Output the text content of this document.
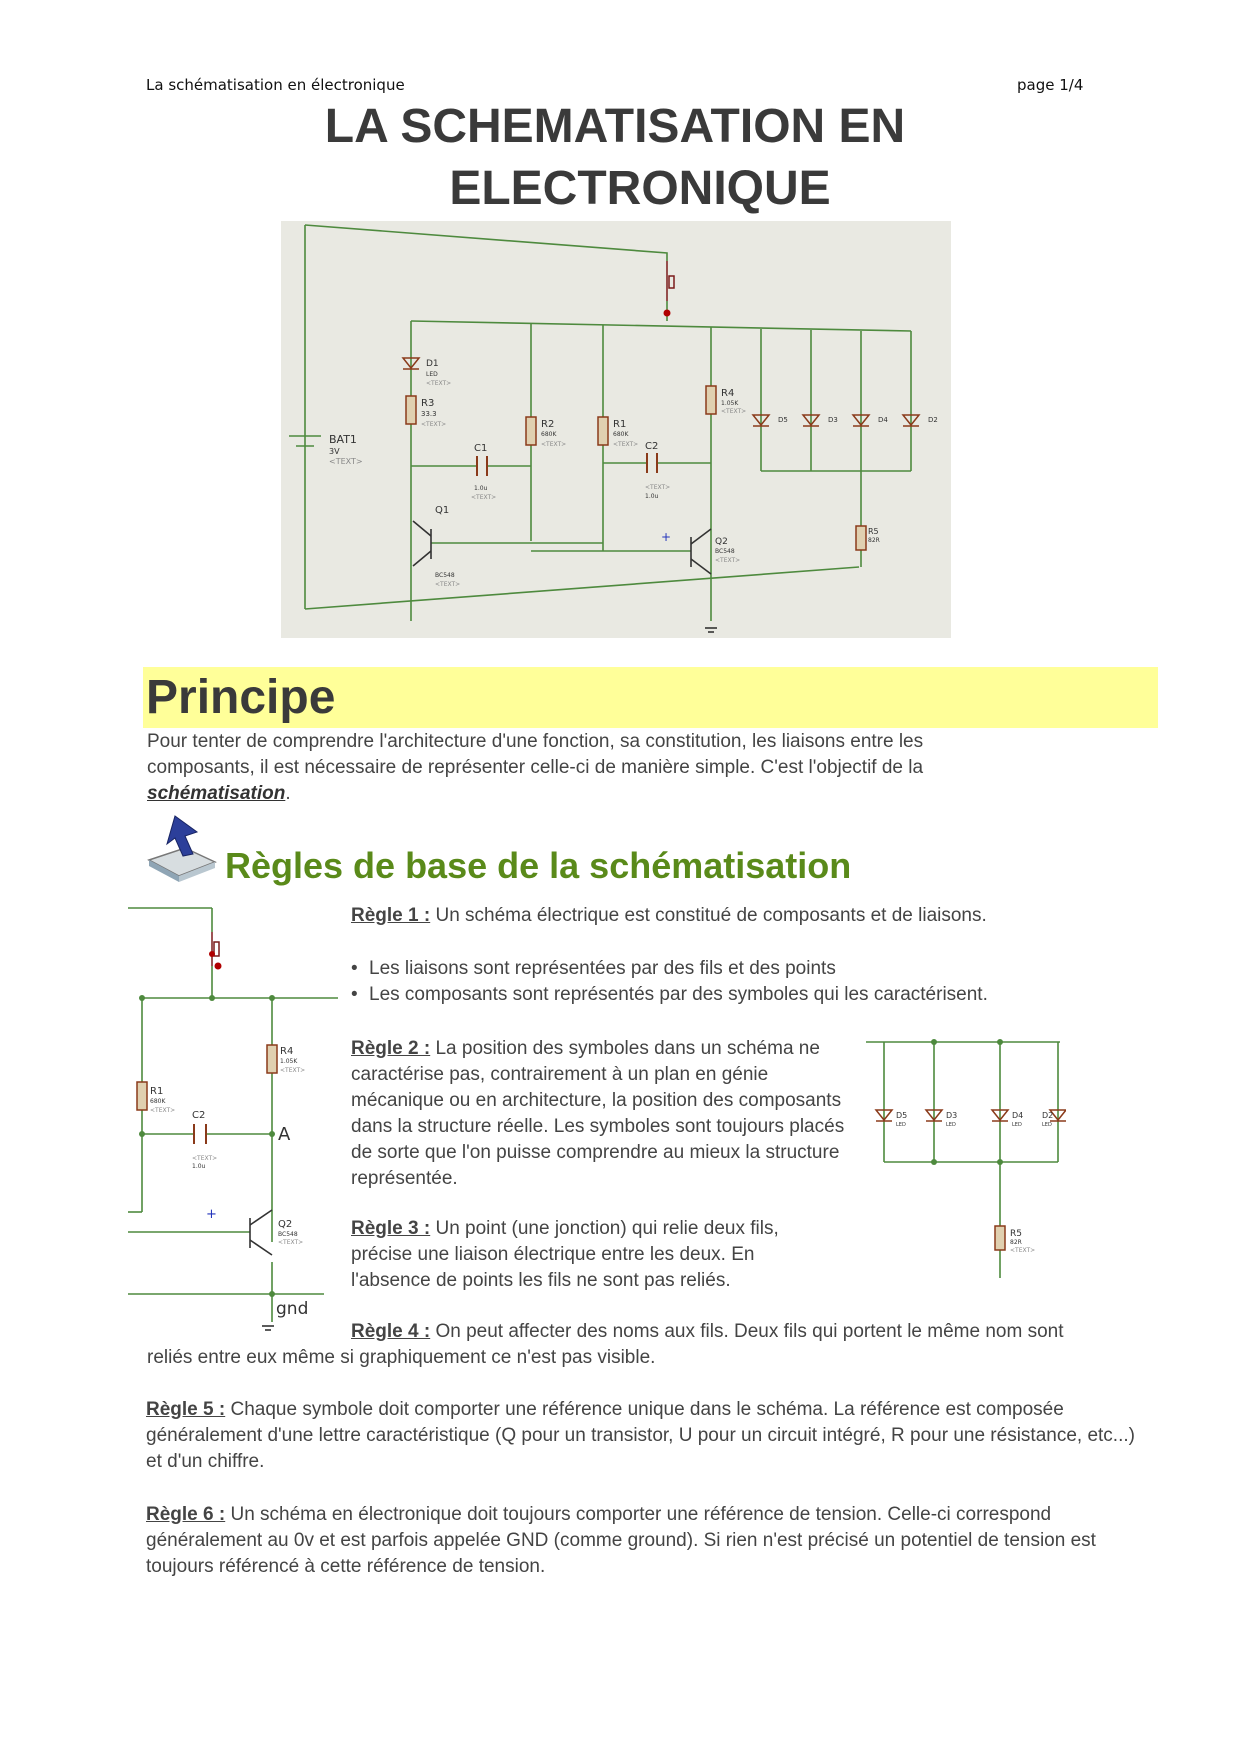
La schématisation en électronique	page 1/4
LA SCHEMATISATION EN
ELECTRONIQUE
BAT1
3V
<TEXT>
D1
LED
<TEXT>
R3
33.3
<TEXT>	R2
680K
<TEXT>
R1
680K
<TEXT>
R4
1.05K
<TEXT>
C1
1.0u
<TEXT>
C2
<TEXT>
1.0u
Q1
BC548
<TEXT>
Q2
BC548
<TEXT>
R5
82R
D5	D3	D4	D2
+
Principe
Pour tenter de comprendre l'architecture d'une fonction, sa constitution, les liaisons entre les composants, il est nécessaire de représenter celle-ci de manière simple. C'est l'objectif de la schématisation.
Règles de base de la schématisation
R1
680K
<TEXT> C2
<TEXT>
1.0u
R4
1.05K
<TEXT>
A
Q2
BC548
<TEXT>
gnd
+
D5
LED
D3
LED
D4
LED
D2
LED
R5
82R
<TEXT>
Règle 1 : Un schéma électrique est constitué de composants et de liaisons.
• Les liaisons sont représentées par des fils et des points
• Les composants sont représentés par des symboles qui les caractérisent.
Règle 2 : La position des symboles dans un schéma ne caractérise pas, contrairement à un plan en génie mécanique ou en architecture, la position des composants dans la structure réelle. Les symboles sont toujours placés de sorte que l'on puisse comprendre au mieux la structure représentée.
Règle 3 : Un point (une jonction) qui relie deux fils, précise une liaison électrique entre les deux. En l'absence de points les fils ne sont pas reliés.
Règle 4 : On peut affecter des noms aux fils. Deux fils qui portent le même nom sont
reliés entre eux même si graphiquement ce n'est pas visible.
Règle 5 : Chaque symbole doit comporter une référence unique dans le schéma. La référence est composée généralement d'une lettre caractéristique (Q pour un transistor, U pour un circuit intégré, R pour une résistance, etc...) et d'un chiffre.
Règle 6 : Un schéma en électronique doit toujours comporter une référence de tension. Celle-ci correspond généralement au 0v et est parfois appelée GND (comme ground). Si rien n'est précisé un potentiel de tension est toujours référencé à cette référence de tension.
